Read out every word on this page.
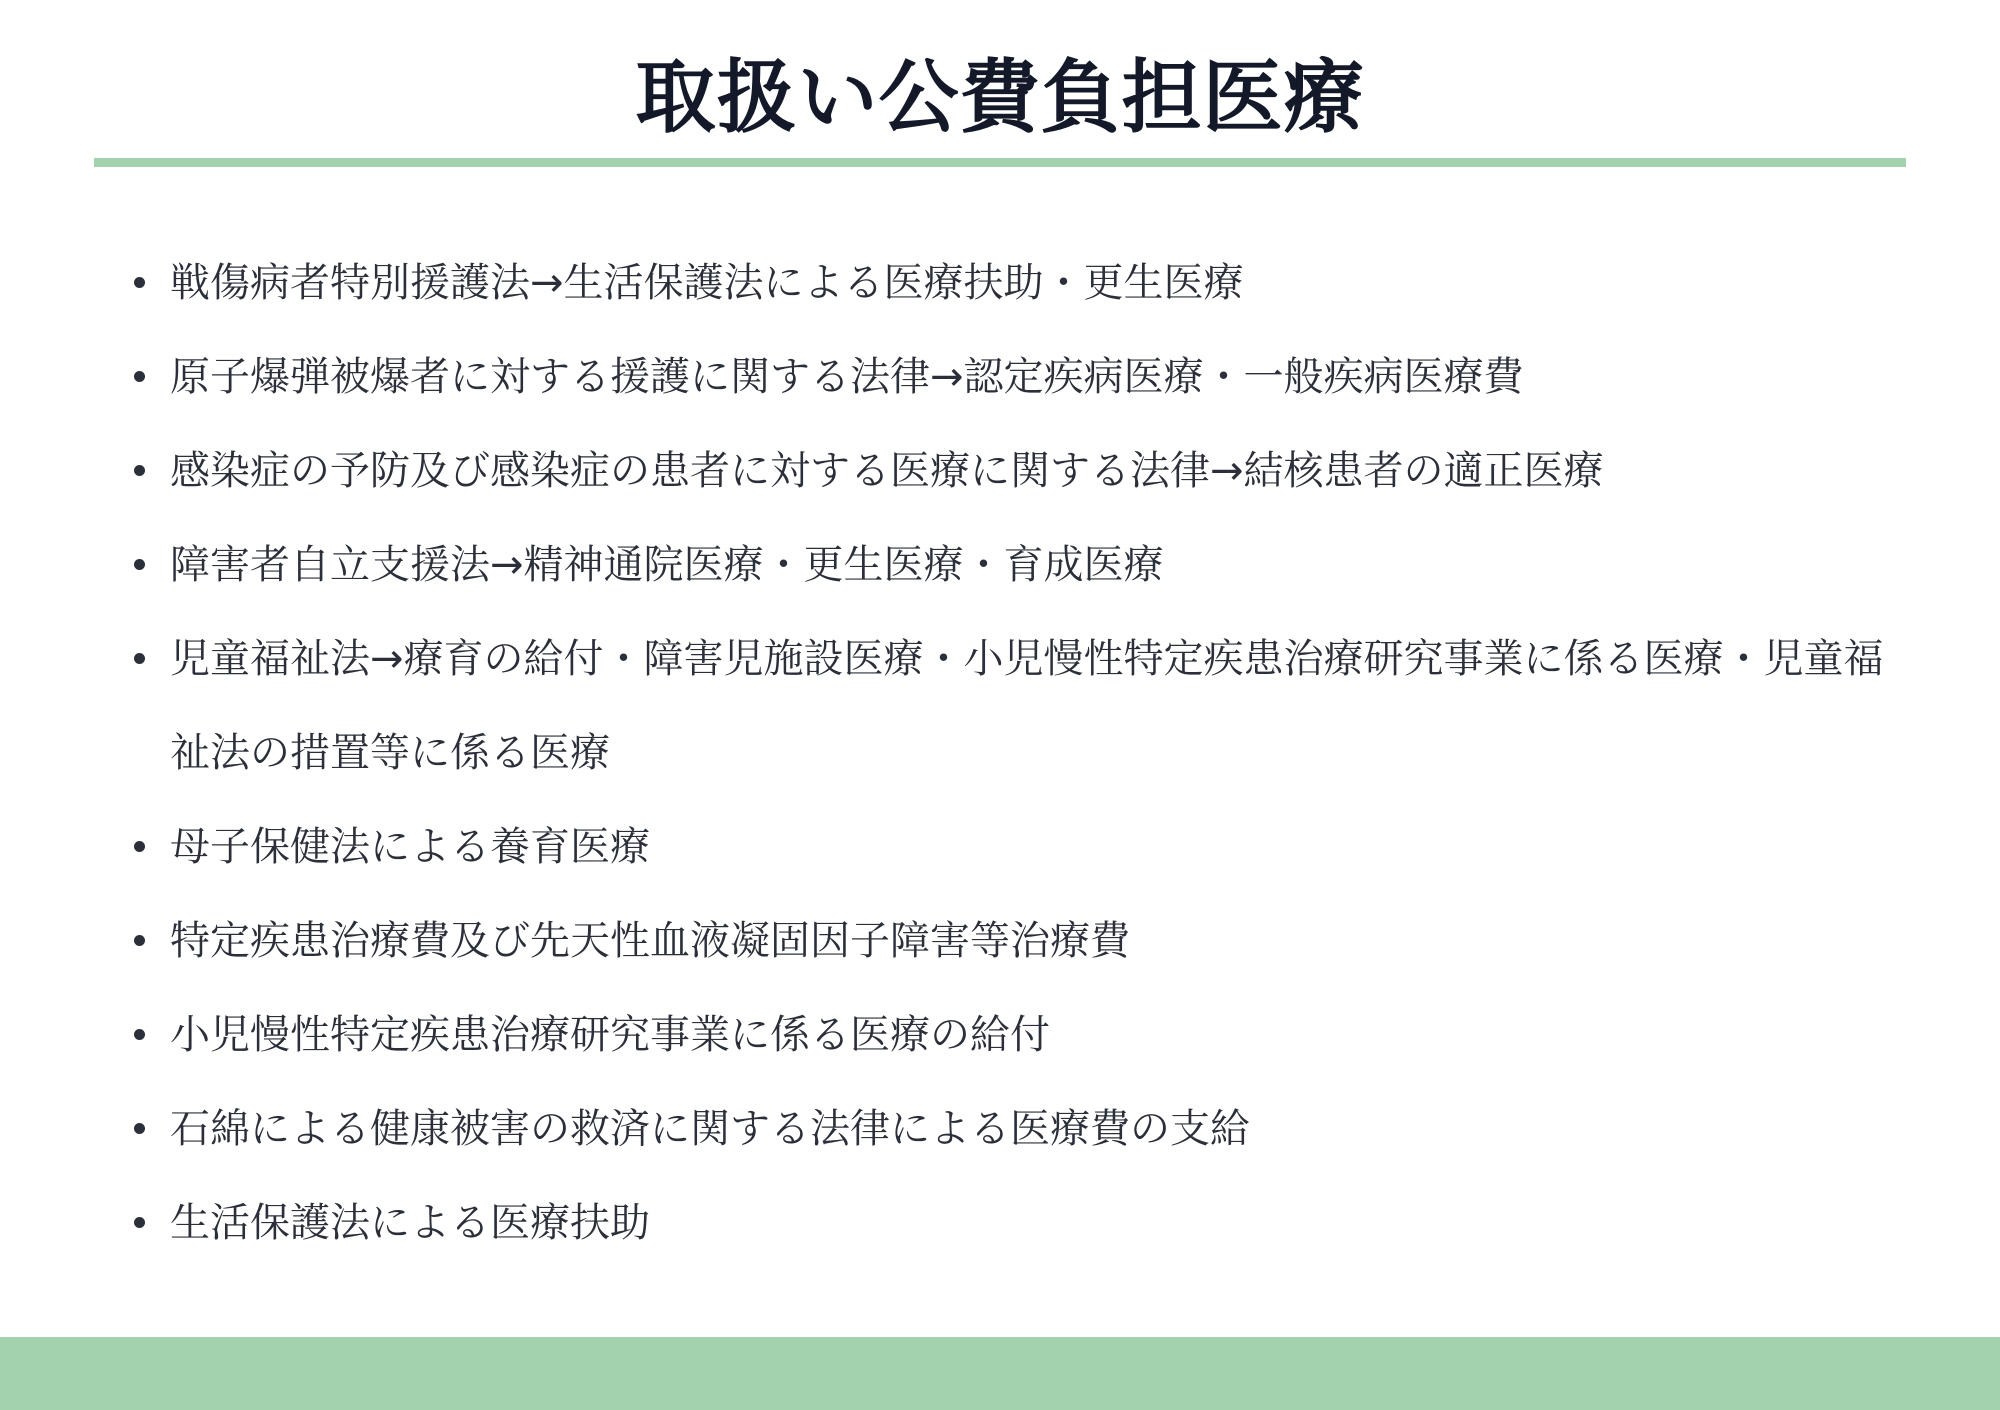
取扱い公費負担医療
戦傷病者特別援護法→生活保護法による医療扶助・更生医療
原子爆弾被爆者に対する援護に関する法律→認定疾病医療・一般疾病医療費
感染症の予防及び感染症の患者に対する医療に関する法律→結核患者の適正医療
障害者自立支援法→精神通院医療・更生医療・育成医療
児童福祉法→療育の給付・障害児施設医療・小児慢性特定疾患治療研究事業に係る医療・児童福祉法の措置等に係る医療
母子保健法による養育医療
特定疾患治療費及び先天性血液凝固因子障害等治療費
小児慢性特定疾患治療研究事業に係る医療の給付
石綿による健康被害の救済に関する法律による医療費の支給
生活保護法による医療扶助
